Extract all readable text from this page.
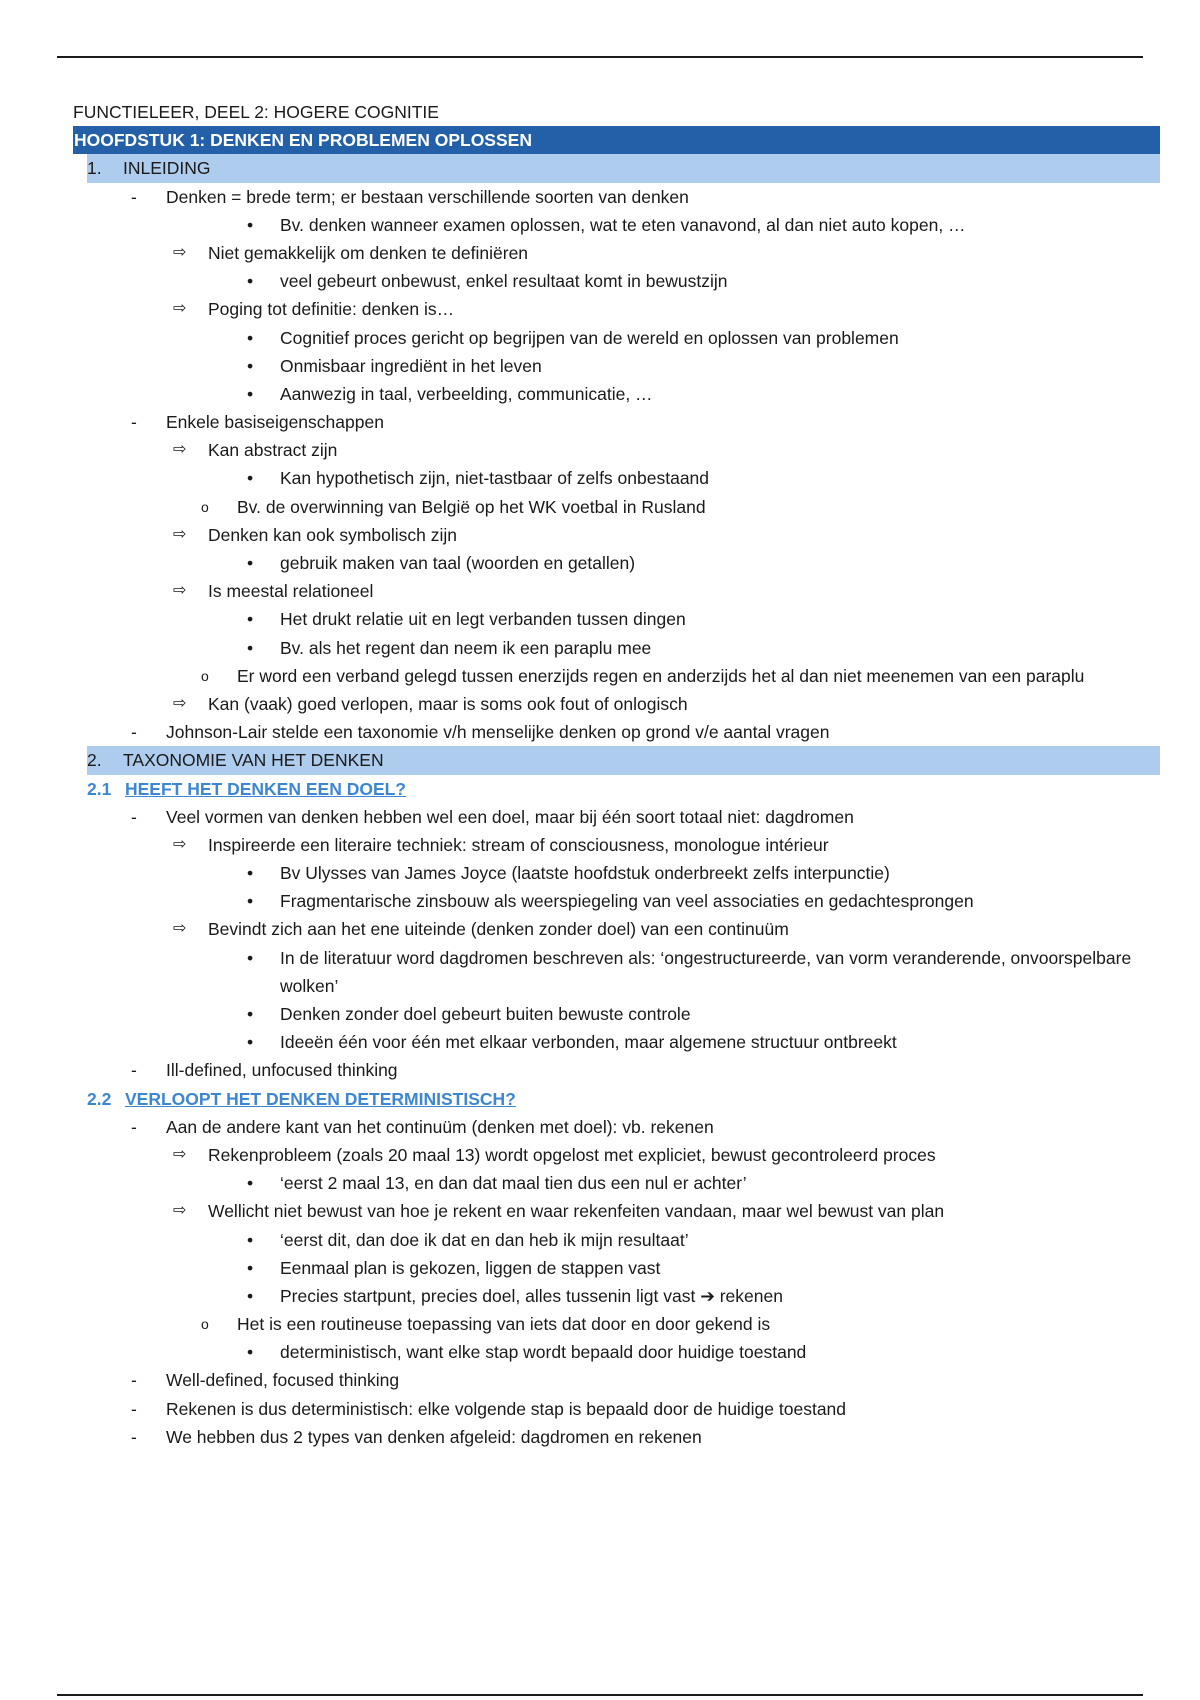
FUNCTIELEER, DEEL 2: HOGERE COGNITIE
HOOFDSTUK 1: DENKEN EN PROBLEMEN OPLOSSEN
1.	INLEIDING
-	Denken = brede term; er bestaan verschillende soorten van denken
•	Bv. denken wanneer examen oplossen, wat te eten vanavond, al dan niet auto kopen, …
⇨	Niet gemakkelijk om denken te definiëren
•	veel gebeurt onbewust, enkel resultaat komt in bewustzijn
⇨	Poging tot definitie: denken is…
•	Cognitief proces gericht op begrijpen van de wereld en oplossen van problemen
•	Onmisbaar ingrediënt in het leven
•	Aanwezig in taal, verbeelding, communicatie, …
-	Enkele basiseigenschappen
⇨	Kan abstract zijn
•	Kan hypothetisch zijn, niet-tastbaar of zelfs onbestaand
o	Bv. de overwinning van België op het WK voetbal in Rusland
⇨	Denken kan ook symbolisch zijn
•	gebruik maken van taal (woorden en getallen)
⇨	Is meestal relationeel
•	Het drukt relatie uit en legt verbanden tussen dingen
•	Bv. als het regent dan neem ik een paraplu mee
o	Er word een verband gelegd tussen enerzijds regen en anderzijds het al dan niet meenemen van een paraplu
⇨	Kan (vaak) goed verlopen, maar is soms ook fout of onlogisch
-	Johnson-Lair stelde een taxonomie v/h menselijke denken op grond v/e aantal vragen
2.	TAXONOMIE VAN HET DENKEN
2.1 HEEFT HET DENKEN EEN DOEL?
-	Veel vormen van denken hebben wel een doel, maar bij één soort totaal niet: dagdromen
⇨	Inspireerde een literaire techniek: stream of consciousness, monologue intérieur
•	Bv Ulysses van James Joyce (laatste hoofdstuk onderbreekt zelfs interpunctie)
•	Fragmentarische zinsbouw als weerspiegeling van veel associaties en gedachtesprongen
⇨	Bevindt zich aan het ene uiteinde (denken zonder doel) van een continuüm
•	In de literatuur word dagdromen beschreven als: ‘ongestructureerde, van vorm veranderende, onvoorspelbare wolken’
•	Denken zonder doel gebeurt buiten bewuste controle
•	Ideeën één voor één met elkaar verbonden, maar algemene structuur ontbreekt
-	Ill-defined, unfocused thinking
2.2 VERLOOPT HET DENKEN DETERMINISTISCH?
-	Aan de andere kant van het continuüm (denken met doel): vb. rekenen
⇨	Rekenprobleem (zoals 20 maal 13) wordt opgelost met expliciet, bewust gecontroleerd proces
•	‘eerst 2 maal 13, en dan dat maal tien dus een nul er achter’
⇨	Wellicht niet bewust van hoe je rekent en waar rekenfeiten vandaan, maar wel bewust van plan
•	‘eerst dit, dan doe ik dat en dan heb ik mijn resultaat’
•	Eenmaal plan is gekozen, liggen de stappen vast
•	Precies startpunt, precies doel, alles tussenin ligt vast ➔ rekenen
o	Het is een routineuse toepassing van iets dat door en door gekend is
•	deterministisch, want elke stap wordt bepaald door huidige toestand
-	Well-defined, focused thinking
-	Rekenen is dus deterministisch: elke volgende stap is bepaald door de huidige toestand
-	We hebben dus 2 types van denken afgeleid: dagdromen en rekenen
